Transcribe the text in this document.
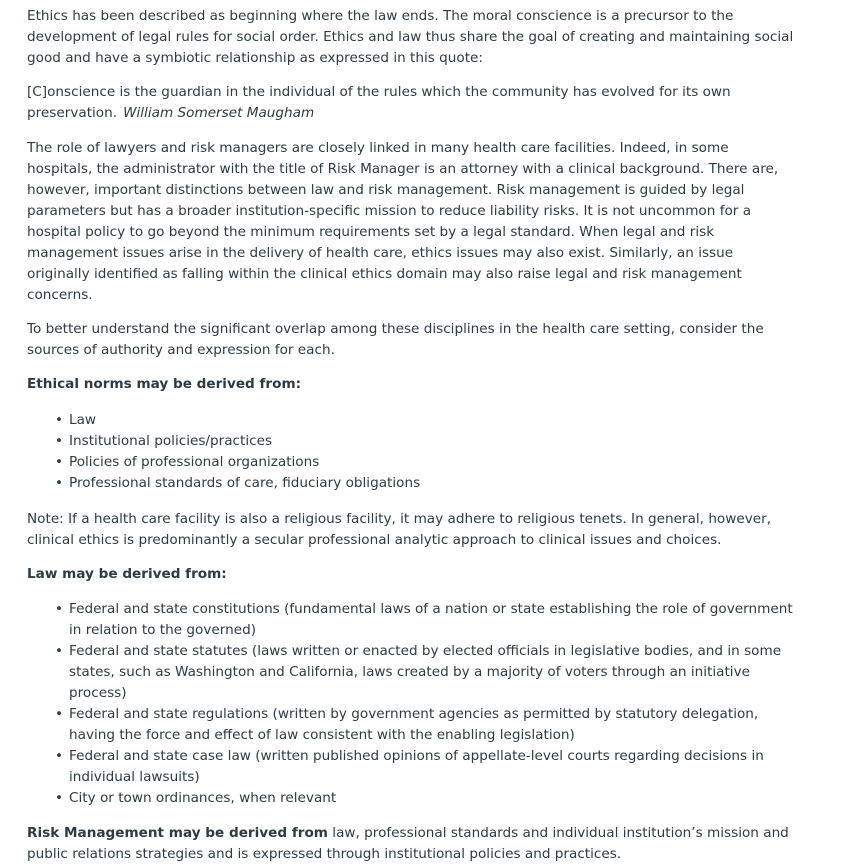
Ethics has been described as beginning where the law ends. The moral conscience is a precursor to the development of legal rules for social order. Ethics and law thus share the goal of creating and maintaining social good and have a symbiotic relationship as expressed in this quote:

[C]onscience is the guardian in the individual of the rules which the community has evolved for its own preservation. William Somerset Maugham

The role of lawyers and risk managers are closely linked in many health care facilities. Indeed, in some hospitals, the administrator with the title of Risk Manager is an attorney with a clinical background. There are, however, important distinctions between law and risk management. Risk management is guided by legal parameters but has a broader institution-specific mission to reduce liability risks. It is not uncommon for a hospital policy to go beyond the minimum requirements set by a legal standard. When legal and risk management issues arise in the delivery of health care, ethics issues may also exist. Similarly, an issue originally identified as falling within the clinical ethics domain may also raise legal and risk management concerns.

To better understand the significant overlap among these disciplines in the health care setting, consider the sources of authority and expression for each.

Ethical norms may be derived from:

• Law
• Institutional policies/practices
• Policies of professional organizations
• Professional standards of care, fiduciary obligations

Note: If a health care facility is also a religious facility, it may adhere to religious tenets. In general, however, clinical ethics is predominantly a secular professional analytic approach to clinical issues and choices.

Law may be derived from:

• Federal and state constitutions (fundamental laws of a nation or state establishing the role of government in relation to the governed)
• Federal and state statutes (laws written or enacted by elected officials in legislative bodies, and in some states, such as Washington and California, laws created by a majority of voters through an initiative process)
• Federal and state regulations (written by government agencies as permitted by statutory delegation, having the force and effect of law consistent with the enabling legislation)
• Federal and state case law (written published opinions of appellate-level courts regarding decisions in individual lawsuits)
• City or town ordinances, when relevant

Risk Management may be derived from law, professional standards and individual institution’s mission and public relations strategies and is expressed through institutional policies and practices.
